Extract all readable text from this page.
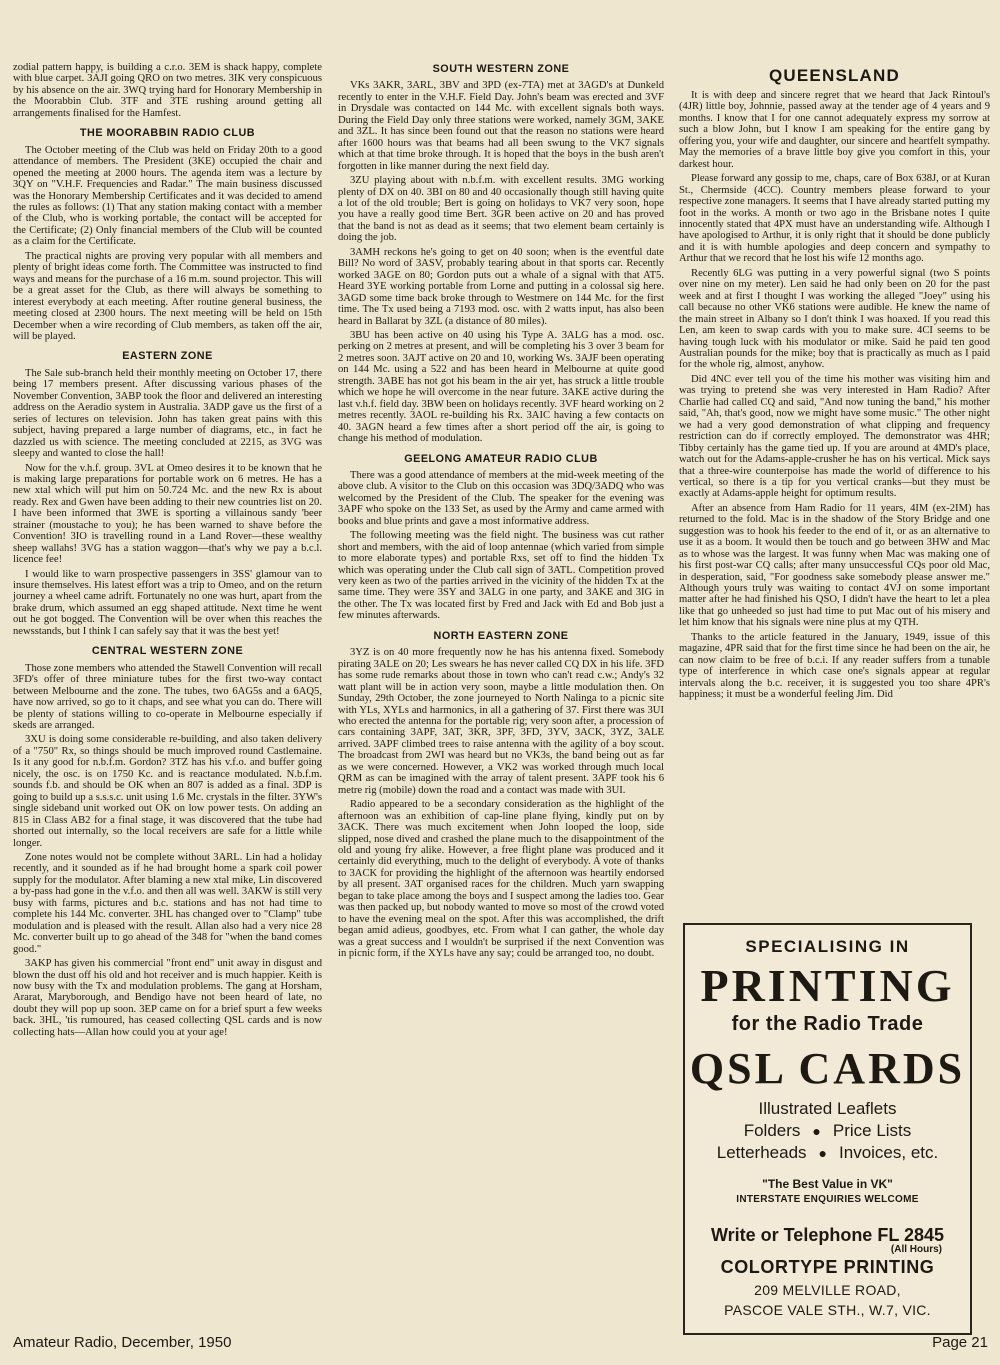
zodial pattern happy, is building a c.r.o. 3EM is shack happy, complete with blue carpet. 3AJI going QRO on two metres. 3IK very conspicuous by his absence on the air. 3WQ trying hard for Honorary Membership in the Moorabbin Club. 3TF and 3TE rushing around getting all arrangements finalised for the Hamfest.

THE MOORABBIN RADIO CLUB

The October meeting of the Club was held on Friday 20th to a good attendance of members. The President (3KE) occupied the chair and opened the meeting at 2000 hours. The agenda item was a lecture by 3QY on "V.H.F. Frequencies and Radar." The main business discussed was the Honorary Membership Certificates and it was decided to amend the rules as follows: (1) That any station making contact with a member of the Club, who is working portable, the contact will be accepted for the Certificate; (2) Only financial members of the Club will be counted as a claim for the Certificate.

The practical nights are proving very popular with all members and plenty of bright ideas come forth. The Committee was instructed to find ways and means for the purchase of a 16 m.m. sound projector. This will be a great asset for the Club, as there will always be something to interest everybody at each meeting. After routine general business, the meeting closed at 2300 hours. The next meeting will be held on 15th December when a wire recording of Club members, as taken off the air, will be played.

EASTERN ZONE

The Sale sub-branch held their monthly meeting on October 17, there being 17 members present. After discussing various phases of the November Convention, 3ABP took the floor and delivered an interesting address on the Aeradio system in Australia. 3ADP gave us the first of a series of lectures on television. John has taken great pains with this subject, having prepared a large number of diagrams, etc., in fact he dazzled us with science. The meeting concluded at 2215, as 3VG was sleepy and wanted to close the hall!

Now for the v.h.f. group. 3VL at Omeo desires it to be known that he is making large preparations for portable work on 6 metres. He has a new xtal which will put him on 50.724 Mc. and the new Rx is about ready. Rex and Gwen have been adding to their new countries list on 20. I have been informed that 3WE is sporting a villainous sandy 'beer strainer (moustache to you); he has been warned to shave before the Convention! 3IO is travelling round in a Land Rover—these wealthy sheep wallahs! 3VG has a station waggon—that's why we pay a b.c.l. licence fee!

I would like to warn prospective passengers in 3SS' glamour van to insure themselves. His latest effort was a trip to Omeo, and on the return journey a wheel came adrift. Fortunately no one was hurt, apart from the brake drum, which assumed an egg shaped attitude. Next time he went out he got bogged. The Convention will be over when this reaches the newsstands, but I think I can safely say that it was the best yet!

CENTRAL WESTERN ZONE

Those zone members who attended the Stawell Convention will recall 3FD's offer of three miniature tubes for the first two-way contact between Melbourne and the zone. The tubes, two 6AG5s and a 6AQ5, have now arrived, so go to it chaps, and see what you can do. There will be plenty of stations willing to co-operate in Melbourne especially if skeds are arranged.

3XU is doing some considerable re-building, and also taken delivery of a "750" Rx, so things should be much improved round Castlemaine. Is it any good for n.b.f.m. Gordon? 3TZ has his v.f.o. and buffer going nicely, the osc. is on 1750 Kc. and is reactance modulated. N.b.f.m. sounds f.b. and should be OK when an 807 is added as a final. 3DP is going to build up a s.s.s.c. unit using 1.6 Mc. crystals in the filter. 3YW's single sideband unit worked out OK on low power tests. On adding an 815 in Class AB2 for a final stage, it was discovered that the tube had shorted out internally, so the local receivers are safe for a little while longer.

Zone notes would not be complete without 3ARL. Lin had a holiday recently, and it sounded as if he had brought home a spark coil power supply for the modulator. After blaming a new xtal mike, Lin discovered a by-pass had gone in the v.f.o. and then all was well. 3AKW is still very busy with farms, pictures and b.c. stations and has not had time to complete his 144 Mc. converter. 3HL has changed over to "Clamp" tube modulation and is pleased with the result. Allan also had a very nice 28 Mc. converter built up to go ahead of the 348 for "when the band comes good."

3AKP has given his commercial "front end" unit away in disgust and blown the dust off his old and hot receiver and is much happier. Keith is now busy with the Tx and modulation problems. The gang at Horsham, Ararat, Maryborough, and Bendigo have not been heard of late, no doubt they will pop up soon. 3EP came on for a brief spurt a few weeks back. 3HL, 'tis rumoured, has ceased collecting QSL cards and is now collecting hats—Allan how could you at your age!

SOUTH WESTERN ZONE

VKs 3AKR, 3ARL, 3BV and 3PD (ex-7TA) met at 3AGD's at Dunkeld recently to enter in the V.H.F. Field Day. John's beam was erected and 3VF in Drysdale was contacted on 144 Mc. with excellent signals both ways. During the Field Day only three stations were worked, namely 3GM, 3AKE and 3ZL. It has since been found out that the reason no stations were heard after 1600 hours was that beams had all been swung to the VK7 signals which at that time broke through. It is hoped that the boys in the bush aren't forgotten in like manner during the next field day.

3ZU playing about with n.b.f.m. with excellent results. 3MG working plenty of DX on 40. 3BI on 80 and 40 occasionally though still having quite a lot of the old trouble; Bert is going on holidays to VK7 very soon, hope you have a really good time Bert. 3GR been active on 20 and has proved that the band is not as dead as it seems; that two element beam certainly is doing the job.

3AMH reckons he's going to get on 40 soon; when is the eventful date Bill? No word of 3ASV, probably tearing about in that sports car. Recently worked 3AGE on 80; Gordon puts out a whale of a signal with that AT5. Heard 3YE working portable from Lorne and putting in a colossal sig here. 3AGD some time back broke through to Westmere on 144 Mc. for the first time. The Tx used being a 7193 mod. osc. with 2 watts input, has also been heard in Ballarat by 3ZL (a distance of 80 miles).

3BU has been active on 40 using his Type A. 3ALG has a mod. osc. perking on 2 metres at present, and will be completing his 3 over 3 beam for 2 metres soon. 3AJT active on 20 and 10, working Ws. 3AJF been operating on 144 Mc. using a 522 and has been heard in Melbourne at quite good strength. 3ABE has not got his beam in the air yet, has struck a little trouble which we hope he will overcome in the near future. 3AKE active during the last v.h.f. field day. 3BW been on holidays recently. 3VF heard working on 2 metres recently. 3AOL re-building his Rx. 3AIC having a few contacts on 40. 3AGN heard a few times after a short period off the air, is going to change his method of modulation.

GEELONG AMATEUR RADIO CLUB

There was a good attendance of members at the mid-week meeting of the above club. A visitor to the Club on this occasion was 3DQ/3ADQ who was welcomed by the President of the Club. The speaker for the evening was 3APF who spoke on the 133 Set, as used by the Army and came armed with books and blue prints and gave a most informative address.

The following meeting was the field night. The business was cut rather short and members, with the aid of loop antennae (which varied from simple to more elaborate types) and portable Rxs, set off to find the hidden Tx which was operating under the Club call sign of 3ATL. Competition proved very keen as two of the parties arrived in the vicinity of the hidden Tx at the same time. They were 3SY and 3ALG in one party, and 3AKE and 3IG in the other. The Tx was located first by Fred and Jack with Ed and Bob just a few minutes afterwards.

NORTH EASTERN ZONE

3YZ is on 40 more frequently now he has his antenna fixed. Somebody pirating 3ALE on 20; Les swears he has never called CQ DX in his life. 3FD has some rude remarks about those in town who can't read c.w.; Andy's 32 watt plant will be in action very soon, maybe a little modulation then. On Sunday, 29th October, the zone journeyed to North Nalinga to a picnic site with YLs, XYLs and harmonics, in all a gathering of 37. First there was 3UI who erected the antenna for the portable rig; very soon after, a procession of cars containing 3APF, 3AT, 3KR, 3PF, 3FD, 3YV, 3ACK, 3YZ, 3ALE arrived. 3APF climbed trees to raise antenna with the agility of a boy scout. The broadcast from 2WI was heard but no VK3s, the band being out as far as we were concerned. However, a VK2 was worked through much local QRM as can be imagined with the array of talent present. 3APF took his 6 metre rig (mobile) down the road and a contact was made with 3UI.

Radio appeared to be a secondary consideration as the highlight of the afternoon was an exhibition of cap-line plane flying, kindly put on by 3ACK. There was much excitement when John looped the loop, side slipped, nose dived and crashed the plane much to the disappointment of the old and young fry alike. However, a free flight plane was produced and it certainly did everything, much to the delight of everybody. A vote of thanks to 3ACK for providing the highlight of the afternoon was heartily endorsed by all present. 3AT organised races for the children. Much yarn swapping began to take place among the boys and I suspect among the ladies too. Gear was then packed up, but nobody wanted to move so most of the crowd voted to have the evening meal on the spot. After this was accomplished, the drift began amid adieus, goodbyes, etc. From what I can gather, the whole day was a great success and I wouldn't be surprised if the next Convention was in picnic form, if the XYLs have any say; could be arranged too, no doubt.

QUEENSLAND

It is with deep and sincere regret that we heard that Jack Rintoul's (4JR) little boy, Johnnie, passed away at the tender age of 4 years and 9 months. I know that I for one cannot adequately express my sorrow at such a blow John, but I know I am speaking for the entire gang by offering you, your wife and daughter, our sincere and heartfelt sympathy. May the memories of a brave little boy give you comfort in this, your darkest hour.

Please forward any gossip to me, chaps, care of Box 638J, or at Kuran St., Chermside (4CC). Country members please forward to your respective zone managers. It seems that I have already started putting my foot in the works. A month or two ago in the Brisbane notes I quite innocently stated that 4PX must have an understanding wife. Although I have apologised to Arthur, it is only right that it should be done publicly and it is with humble apologies and deep concern and sympathy to Arthur that we record that he lost his wife 12 months ago.

Recently 6LG was putting in a very powerful signal (two S points over nine on my meter). Len said he had only been on 20 for the past week and at first I thought I was working the alleged "Joey" using his call because no other VK6 stations were audible. He knew the name of the main street in Albany so I don't think I was hoaxed. If you read this Len, am keen to swap cards with you to make sure. 4CI seems to be having tough luck with his modulator or mike. Said he paid ten good Australian pounds for the mike; boy that is practically as much as I paid for the whole rig, almost, anyhow.

Did 4NC ever tell you of the time his mother was visiting him and was trying to pretend she was very interested in Ham Radio? After Charlie had called CQ and said, "And now tuning the band," his mother said, "Ah, that's good, now we might have some music." The other night we had a very good demonstration of what clipping and frequency restriction can do if correctly employed. The demonstrator was 4HR; Tibby certainly has the game tied up. If you are around at 4MD's place, watch out for the Adams-apple-crusher he has on his vertical. Mick says that a three-wire counterpoise has made the world of difference to his vertical, so there is a tip for you vertical cranks—but they must be exactly at Adams-apple height for optimum results.

After an absence from Ham Radio for 11 years, 4IM (ex-2IM) has returned to the fold. Mac is in the shadow of the Story Bridge and one suggestion was to hook his feeder to the end of it, or as an alternative to use it as a boom. It would then be touch and go between 3HW and Mac as to whose was the largest. It was funny when Mac was making one of his first post-war CQ calls; after many unsuccessful CQs poor old Mac, in desperation, said, "For goodness sake somebody please answer me." Although yours truly was waiting to contact 4VJ on some important matter after he had finished his QSO, I didn't have the heart to let a plea like that go unheeded so just had time to put Mac out of his misery and let him know that his signals were nine plus at my QTH.

Thanks to the article featured in the January, 1949, issue of this magazine, 4PR said that for the first time since he had been on the air, he can now claim to be free of b.c.i. If any reader suffers from a tunable type of interference in which case one's signals appear at regular intervals along the b.c. receiver, it is suggested you too share 4PR's happiness; it must be a wonderful feeling Jim. Did

SPECIALISING IN
PRINTING
for the Radio Trade
QSL CARDS
Illustrated Leaflets
Folders ● Price Lists
Letterheads ● Invoices, etc.
"The Best Value in VK"
INTERSTATE ENQUIRIES WELCOME
Write or Telephone FL 2845
(All Hours)
COLORTYPE PRINTING
209 MELVILLE ROAD,
PASCOE VALE STH., W.7, VIC.
Amateur Radio, December, 1950	Page 21
